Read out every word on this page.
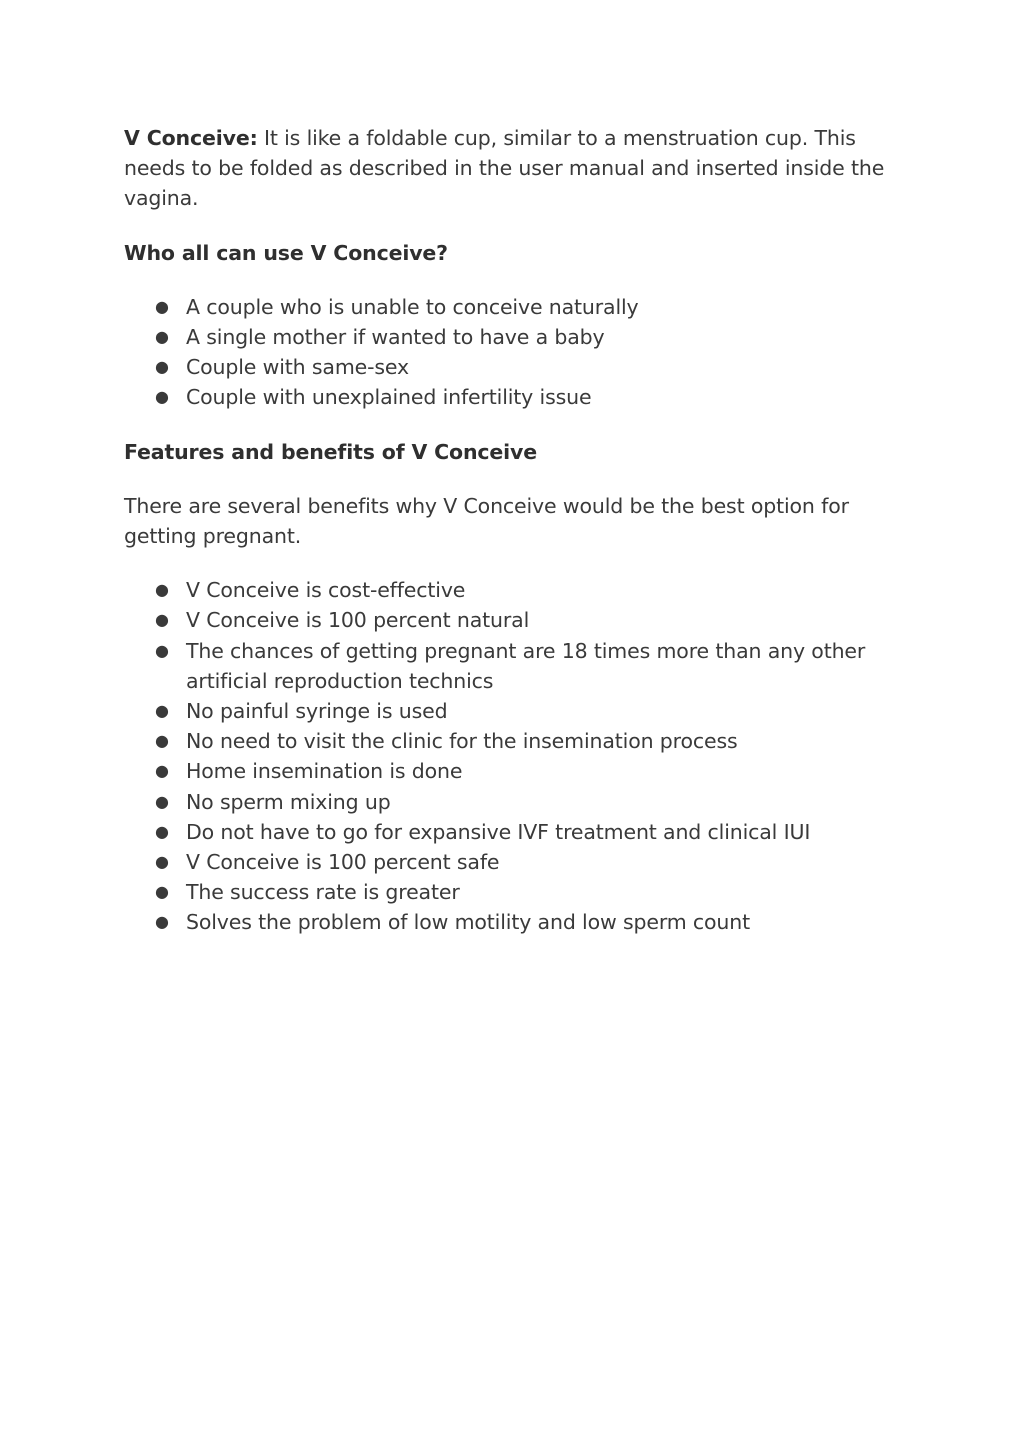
V Conceive: It is like a foldable cup, similar to a menstruation cup. This needs to be folded as described in the user manual and inserted inside the vagina.

Who all can use V Conceive?

● A couple who is unable to conceive naturally
● A single mother if wanted to have a baby
● Couple with same-sex
● Couple with unexplained infertility issue

Features and benefits of V Conceive

There are several benefits why V Conceive would be the best option for getting pregnant.

● V Conceive is cost-effective
● V Conceive is 100 percent natural
● The chances of getting pregnant are 18 times more than any other artificial reproduction technics
● No painful syringe is used
● No need to visit the clinic for the insemination process
● Home insemination is done
● No sperm mixing up
● Do not have to go for expansive IVF treatment and clinical IUI
● V Conceive is 100 percent safe
● The success rate is greater
● Solves the problem of low motility and low sperm count
